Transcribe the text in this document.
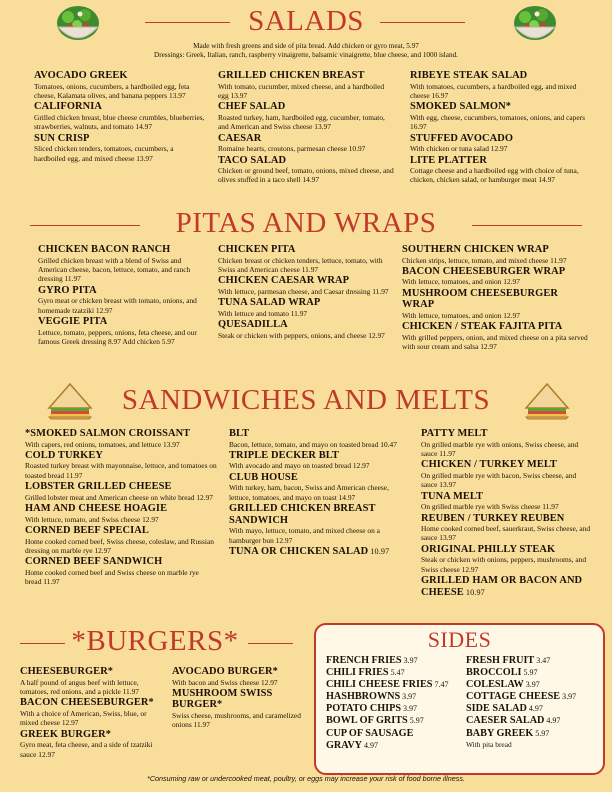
SALADS
Made with fresh greens and side of pita bread. Add chicken or gyro meat, 5.97
Dressings: Greek, Italian, ranch, raspberry vinaigrette, balsamic vinaigrette, blue cheese, and 1000 island.
AVOCADO GREEK
Tomatoes, onions, cucumbers, a hardboiled egg, feta cheese, Kalamata olives, and banana peppers 13.97
CALIFORNIA
Grilled chicken breast, blue cheese crumbles, blueberries, strawberries, walnuts, and tomato 14.97
SUN CRISP
Sliced chicken tenders, tomatoes, cucumbers, a hardboiled egg, and mixed cheese 13.97
GRILLED CHICKEN BREAST
With tomato, cucumber, mixed cheese, and a hardboiled egg 13.97
CHEF SALAD
Roasted turkey, ham, hardboiled egg, cucumber, tomato, and American and Swiss cheese 13.97
CAESAR
Romaine hearts, croutons, parmesan cheese 10.97
TACO SALAD
Chicken or ground beef, tomato, onions, mixed cheese, and olives stuffed in a taco shell 14.97
RIBEYE STEAK SALAD
With tomatoes, cucumbers, a hardboiled egg, and mixed cheese 16.97
SMOKED SALMON*
With egg, cheese, cucumbers, tomatoes, onions, and capers 16.97
STUFFED AVOCADO
With chicken or tuna salad 12.97
LITE PLATTER
Cottage cheese and a hardboiled egg with choice of tuna, chicken, chicken salad, or hamburger meat 14.97
PITAS AND WRAPS
CHICKEN BACON RANCH
Grilled chicken breast with a blend of Swiss and American cheese, bacon, lettuce, tomato, and ranch dressing 11.97
GYRO PITA
Gyro meat or chicken breast with tomato, onions, and homemade tzatziki 12.97
VEGGIE PITA
Lettuce, tomato, peppers, onions, feta cheese, and our famous Greek dressing 8.97 Add chicken 5.97
CHICKEN PITA
Chicken breast or chicken tenders, lettuce, tomato, with Swiss and American cheese 11.97
CHICKEN CAESAR WRAP
With lettuce, parmesan cheese, and Caesar dressing 11.97
TUNA SALAD WRAP
With lettuce and tomato 11.97
QUESADILLA
Steak or chicken with peppers, onions, and cheese 12.97
SOUTHERN CHICKEN WRAP
Chicken strips, lettuce, tomato, and mixed cheese 11.97
BACON CHEESEBURGER WRAP
With lettuce, tomatoes, and onion 12.97
MUSHROOM CHEESEBURGER WRAP
With lettuce, tomatoes, and onion 12.97
CHICKEN / STEAK FAJITA PITA
With grilled peppers, onion, and mixed cheese on a pita served with sour cream and salsa 12.97
SANDWICHES AND MELTS
*SMOKED SALMON CROISSANT
With capers, red onions, tomatoes, and lettuce 13.97
COLD TURKEY
Roasted turkey breast with mayonnaise, lettuce, and tomatoes on toasted bread 11.97
LOBSTER GRILLED CHEESE
Grilled lobster meat and American cheese on white bread 12.97
HAM AND CHEESE HOAGIE
With lettuce, tomato, and Swiss cheese 12.97
CORNED BEEF SPECIAL
Home cooked corned beef, Swiss cheese, coleslaw, and Russian dressing on marble rye 12.97
CORNED BEEF SANDWICH
Home cooked corned beef and Swiss cheese on marble rye bread 11.97
BLT
Bacon, lettuce, tomato, and mayo on toasted bread 10.47
TRIPLE DECKER BLT
With avocado and mayo on toasted bread 12.97
CLUB HOUSE
With turkey, ham, bacon, Swiss and American cheese, lettuce, tomatoes, and mayo on toast 14.97
GRILLED CHICKEN BREAST SANDWICH
With mayo, lettuce, tomato, and mixed cheese on a hamburger bun 12.97
TUNA OR CHICKEN SALAD 10.97
PATTY MELT
On grilled marble rye with onions, Swiss cheese, and sauce 11.97
CHICKEN / TURKEY MELT
On grilled marble rye with bacon, Swiss cheese, and sauce 13.97
TUNA MELT
On grilled marble rye with Swiss cheese 11.97
REUBEN / TURKEY REUBEN
Home cooked corned beef, sauerkraut, Swiss cheese, and sauce 13.97
ORIGINAL PHILLY STEAK
Steak or chicken with onions, peppers, mushrooms, and Swiss cheese 12.97
GRILLED HAM OR BACON AND CHEESE 10.97
*BURGERS*
CHEESEBURGER*
A half pound of angus beef with lettuce, tomatoes, red onions, and a pickle 11.97
BACON CHEESEBURGER*
With a choice of American, Swiss, blue, or mixed cheese 12.97
GREEK BURGER*
Gyro meat, feta cheese, and a side of tzatziki sauce 12.97
AVOCADO BURGER*
With bacon and Swiss cheese 12.97
MUSHROOM SWISS BURGER*
Swiss cheese, mushrooms, and caramelized onions 11.97
SIDES
FRENCH FRIES 3.97
CHILI FRIES 5.47
CHILI CHEESE FRIES 7.47
HASHBROWNS 3.97
POTATO CHIPS 3.97
BOWL OF GRITS 5.97
CUP OF SAUSAGE
GRAVY 4.97
FRESH FRUIT 3.47
BROCCOLI 5.97
COLESLAW 3.97
COTTAGE CHEESE 3.97
SIDE SALAD 4.97
CAESER SALAD 4.97
BABY GREEK 5.97
With pita bread
*Consuming raw or undercooked meat, poultry, or eggs may increase your risk of food borne illness.
